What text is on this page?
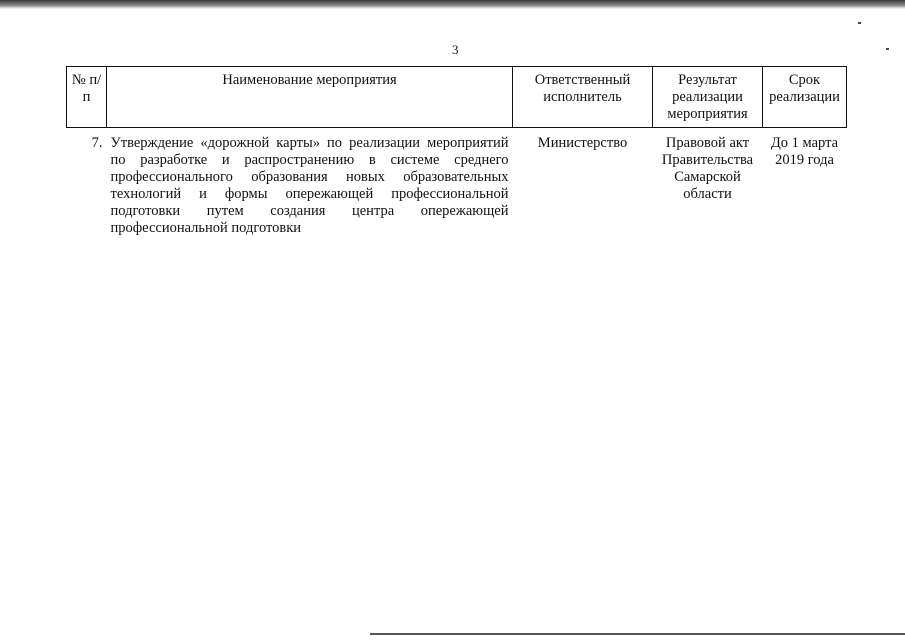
3
№ п/п	Наименование мероприятия	Ответственный исполнитель	Результат реализации мероприятия	Срок реализации
7.	Утверждение «дорожной карты» по реализации мероприятий по разработке и распространению в системе среднего профессионального образования новых образовательных технологий и формы опережающей профессиональной подготовки путем создания центра опережающей профессиональной подготовки	Министерство	Правовой акт Правительства Самарской области	До 1 марта 2019 года
